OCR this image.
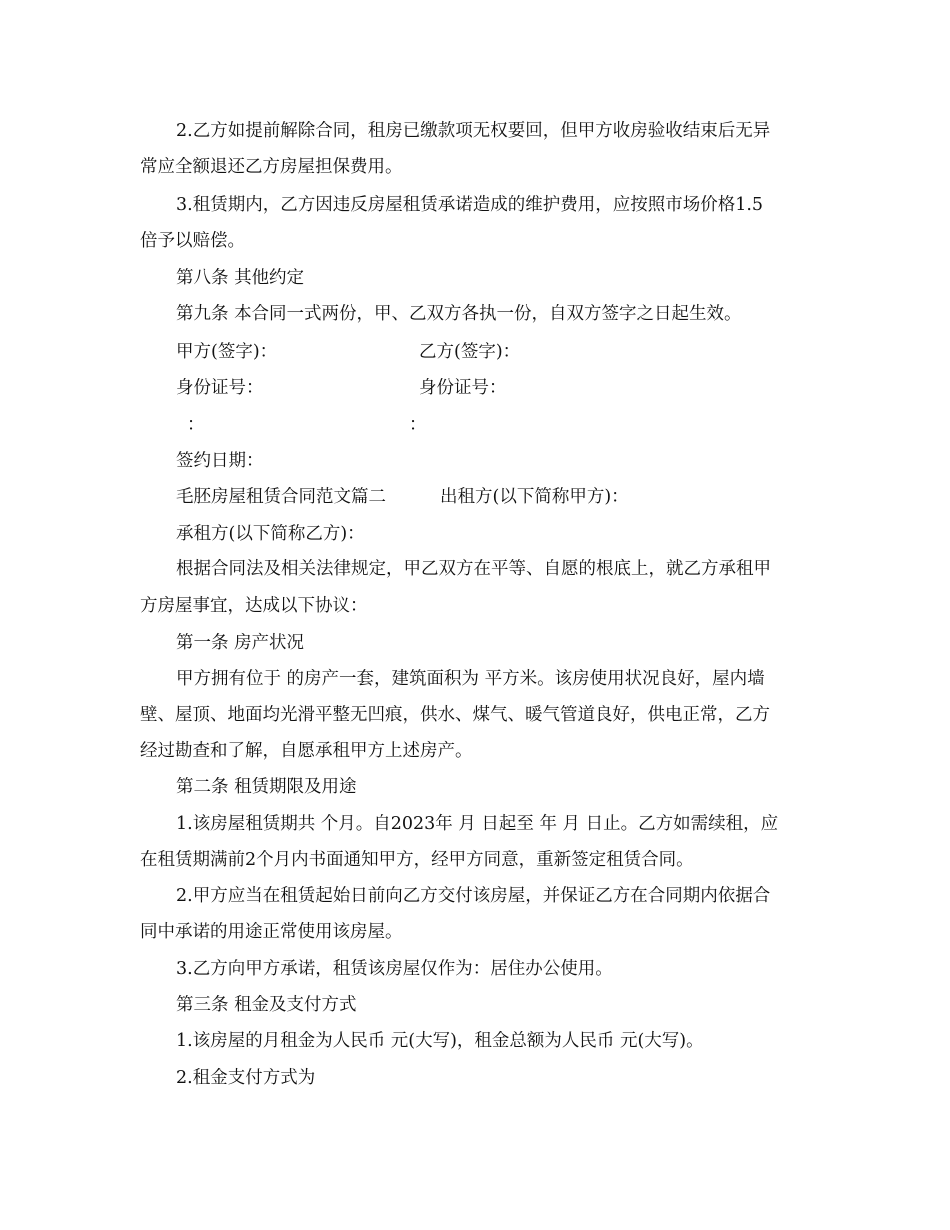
2.乙方如提前解除合同，租房已缴款项无权要回，但甲方收房验收结束后无异
常应全额退还乙方房屋担保费用。
3.租赁期内，乙方因违反房屋租赁承诺造成的维护费用，应按照市场价格1.5
倍予以赔偿。
第八条 其他约定
第九条 本合同一式两份，甲、乙双方各执一份，自双方签字之日起生效。
甲方(签字)：	乙方(签字)：
身份证号：	身份证号：
：	：
签约日期：
毛胚房屋租赁合同范文篇二	出租方(以下简称甲方)：
承租方(以下简称乙方)：
根据合同法及相关法律规定，甲乙双方在平等、自愿的根底上，就乙方承租甲
方房屋事宜，达成以下协议：
第一条 房产状况
甲方拥有位于 的房产一套，建筑面积为 平方米。该房使用状况良好，屋内墙
壁、屋顶、地面均光滑平整无凹痕，供水、煤气、暖气管道良好，供电正常，乙方
经过勘查和了解，自愿承租甲方上述房产。
第二条 租赁期限及用途
1.该房屋租赁期共 个月。自2023年 月 日起至 年 月 日止。乙方如需续租，应
在租赁期满前2个月内书面通知甲方，经甲方同意，重新签定租赁合同。
2.甲方应当在租赁起始日前向乙方交付该房屋，并保证乙方在合同期内依据合
同中承诺的用途正常使用该房屋。
3.乙方向甲方承诺，租赁该房屋仅作为：居住办公使用。
第三条 租金及支付方式
1.该房屋的月租金为人民币 元(大写)，租金总额为人民币 元(大写)。
2.租金支付方式为
